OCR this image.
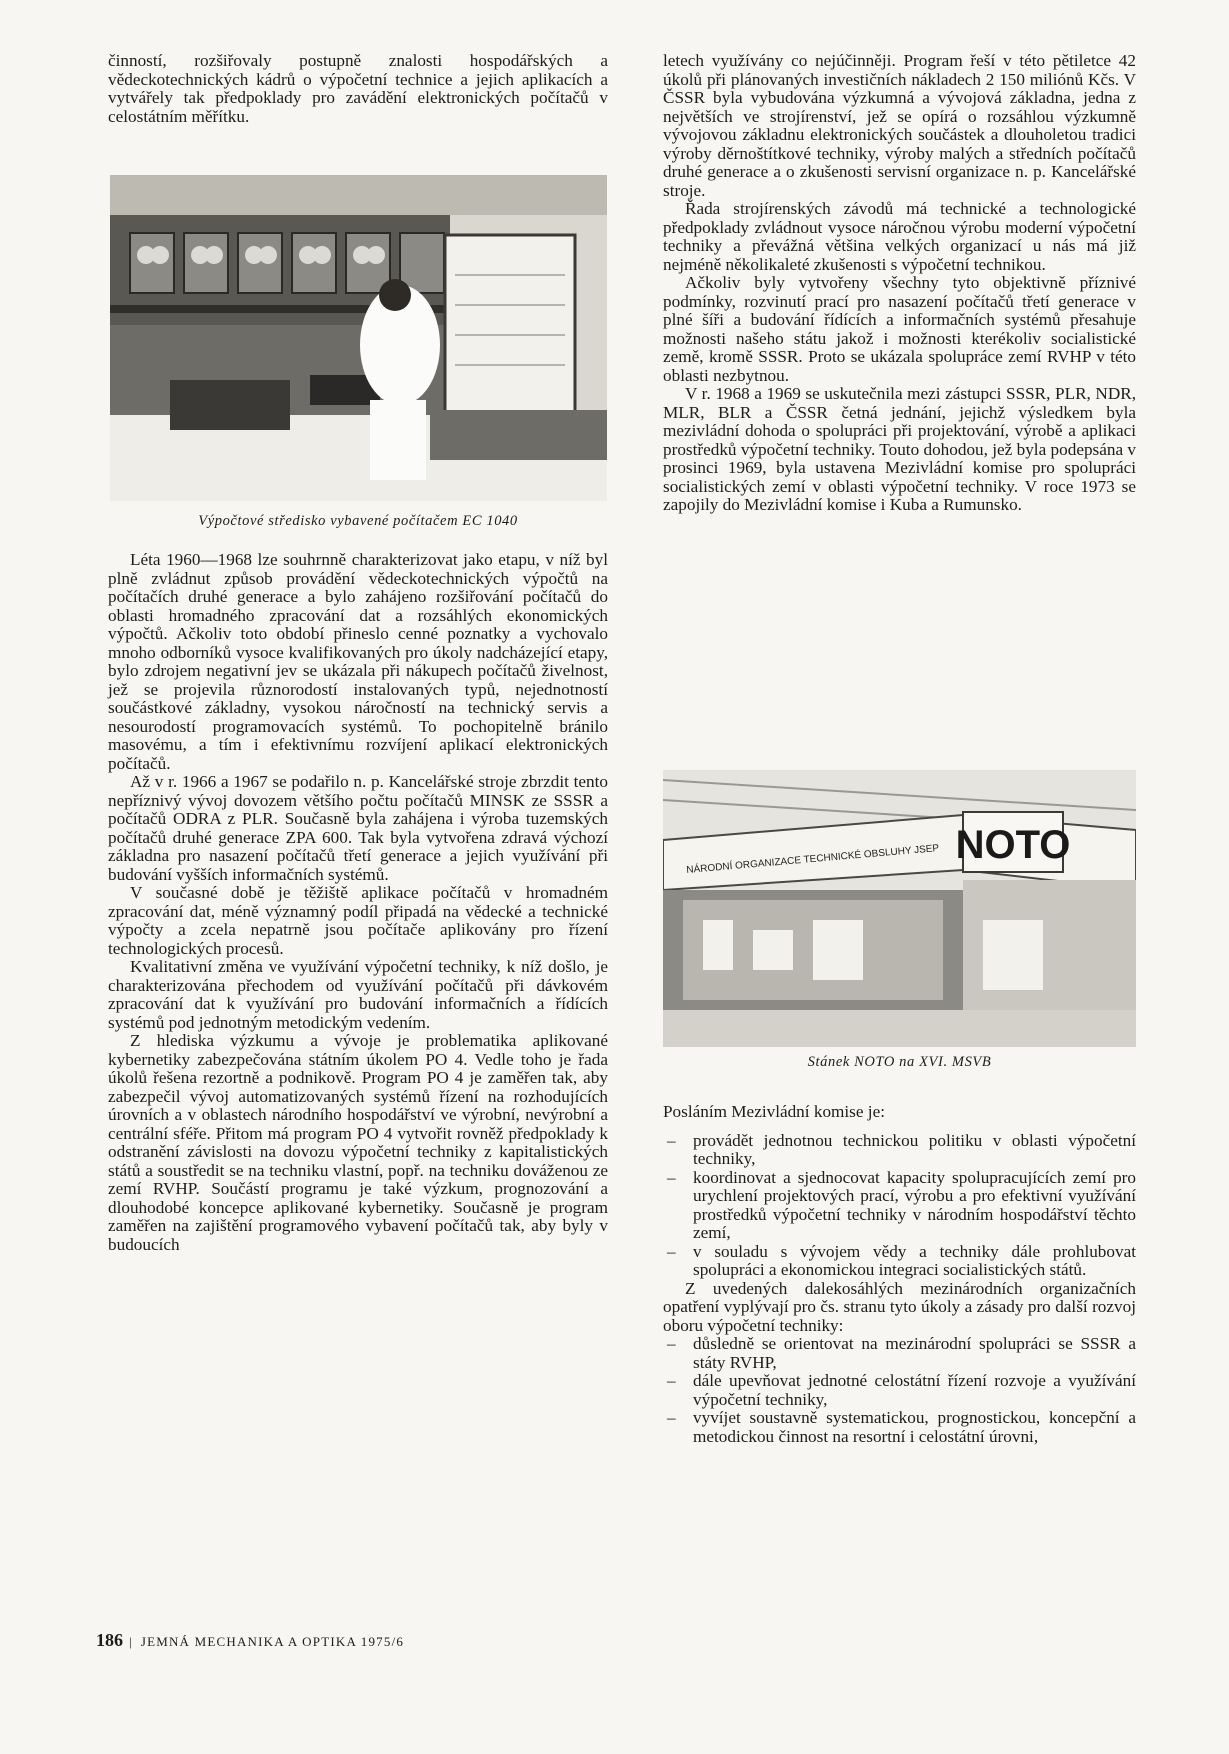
činností, rozšiřovaly postupně znalosti hospodářských a vědeckotechnických kádrů o výpočetní technice a jejich aplikacích a vytvářely tak předpoklady pro zavádění elektronických počítačů v celostátním měřítku.

Výpočtové středisko vybavené počítačem EC 1040

Léta 1960—1968 lze souhrnně charakterizovat jako etapu, v níž byl plně zvládnut způsob provádění vědeckotechnických výpočtů na počítačích druhé generace a bylo zahájeno rozšiřování počítačů do oblasti hromadného zpracování dat a rozsáhlých ekonomických výpočtů. Ačkoliv toto období přineslo cenné poznatky a vychovalo mnoho odborníků vysoce kvalifikovaných pro úkoly nadcházející etapy, bylo zdrojem negativní jev se ukázala při nákupech počítačů živelnost, jež se projevila různorodostí instalovaných typů, nejednotností součástkové základny, vysokou náročností na technický servis a nesourodostí programovacích systémů. To pochopitelně bránilo masovému, a tím i efektivnímu rozvíjení aplikací elektronických počítačů.

Až v r. 1966 a 1967 se podařilo n. p. Kancelářské stroje zbrzdit tento nepříznivý vývoj dovozem většího počtu počítačů MINSK ze SSSR a počítačů ODRA z PLR. Současně byla zahájena i výroba tuzemských počítačů druhé generace ZPA 600. Tak byla vytvořena zdravá výchozí základna pro nasazení počítačů třetí generace a jejich využívání při budování vyšších informačních systémů.

V současné době je těžiště aplikace počítačů v hromadném zpracování dat, méně významný podíl připadá na vědecké a technické výpočty a zcela nepatrně jsou počítače aplikovány pro řízení technologických procesů.

Kvalitativní změna ve využívání výpočetní techniky, k níž došlo, je charakterizována přechodem od využívání počítačů při dávkovém zpracování dat k využívání pro budování informačních a řídících systémů pod jednotným metodickým vedením.

Z hlediska výzkumu a vývoje je problematika aplikované kybernetiky zabezpečována státním úkolem PO 4. Vedle toho je řada úkolů řešena rezortně a podnikově. Program PO 4 je zaměřen tak, aby zabezpečil vývoj automatizovaných systémů řízení na rozhodujících úrovních a v oblastech národního hospodářství ve výrobní, nevýrobní a centrální sféře. Přitom má program PO 4 vytvořit rovněž předpoklady k odstranění závislosti na dovozu výpočetní techniky z kapitalistických států a soustředit se na techniku vlastní, popř. na techniku dováženou ze zemí RVHP. Součástí programu je také výzkum, prognozování a dlouhodobé koncepce aplikované kybernetiky. Současně je program zaměřen na zajištění programového vybavení počítačů tak, aby byly v budoucích

letech využívány co nejúčinněji. Program řeší v této pětiletce 42 úkolů při plánovaných investičních nákladech 2 150 miliónů Kčs. V ČSSR byla vybudována výzkumná a vývojová základna, jedna z největších ve strojírenství, jež se opírá o rozsáhlou výzkumně vývojovou základnu elektronických součástek a dlouholetou tradici výroby děrnoštítkové techniky, výroby malých a středních počítačů druhé generace a o zkušenosti servisní organizace n. p. Kancelářské stroje.

Řada strojírenských závodů má technické a technologické předpoklady zvládnout vysoce náročnou výrobu moderní výpočetní techniky a převážná většina velkých organizací u nás má již nejméně několikaleté zkušenosti s výpočetní technikou.

Ačkoliv byly vytvořeny všechny tyto objektivně příznivé podmínky, rozvinutí prací pro nasazení počítačů třetí generace v plné šíři a budování řídících a informačních systémů přesahuje možnosti našeho státu jakož i možnosti kterékoliv socialistické země, kromě SSSR. Proto se ukázala spolupráce zemí RVHP v této oblasti nezbytnou.

V r. 1968 a 1969 se uskutečnila mezi zástupci SSSR, PLR, NDR, MLR, BLR a ČSSR četná jednání, jejichž výsledkem byla mezivládní dohoda o spolupráci při projektování, výrobě a aplikaci prostředků výpočetní techniky. Touto dohodou, jež byla podepsána v prosinci 1969, byla ustavena Mezivládní komise pro spolupráci socialistických zemí v oblasti výpočetní techniky. V roce 1973 se zapojily do Mezivládní komise i Kuba a Rumunsko.

NOTO
NÁRODNÍ ORGANIZACE TECHNICKÉ OBSLUHY JSEP
Stánek NOTO na XVI. MSVB

Posláním Mezivládní komise je:

– provádět jednotnou technickou politiku v oblasti výpočetní techniky,
– koordinovat a sjednocovat kapacity spolupracujících zemí pro urychlení projektových prací, výrobu a pro efektivní využívání prostředků výpočetní techniky v národním hospodářství těchto zemí,
– v souladu s vývojem vědy a techniky dále prohlubovat spolupráci a ekonomickou integraci socialistických států.

Z uvedených dalekosáhlých mezinárodních organizačních opatření vyplývají pro čs. stranu tyto úkoly a zásady pro další rozvoj oboru výpočetní techniky:

– důsledně se orientovat na mezinárodní spolupráci se SSSR a státy RVHP,
– dále upevňovat jednotné celostátní řízení rozvoje a využívání výpočetní techniky,
– vyvíjet soustavně systematickou, prognostickou, koncepční a metodickou činnost na resortní i celostátní úrovni,
186 | JEMNÁ MECHANIKA A OPTIKA 1975/6
